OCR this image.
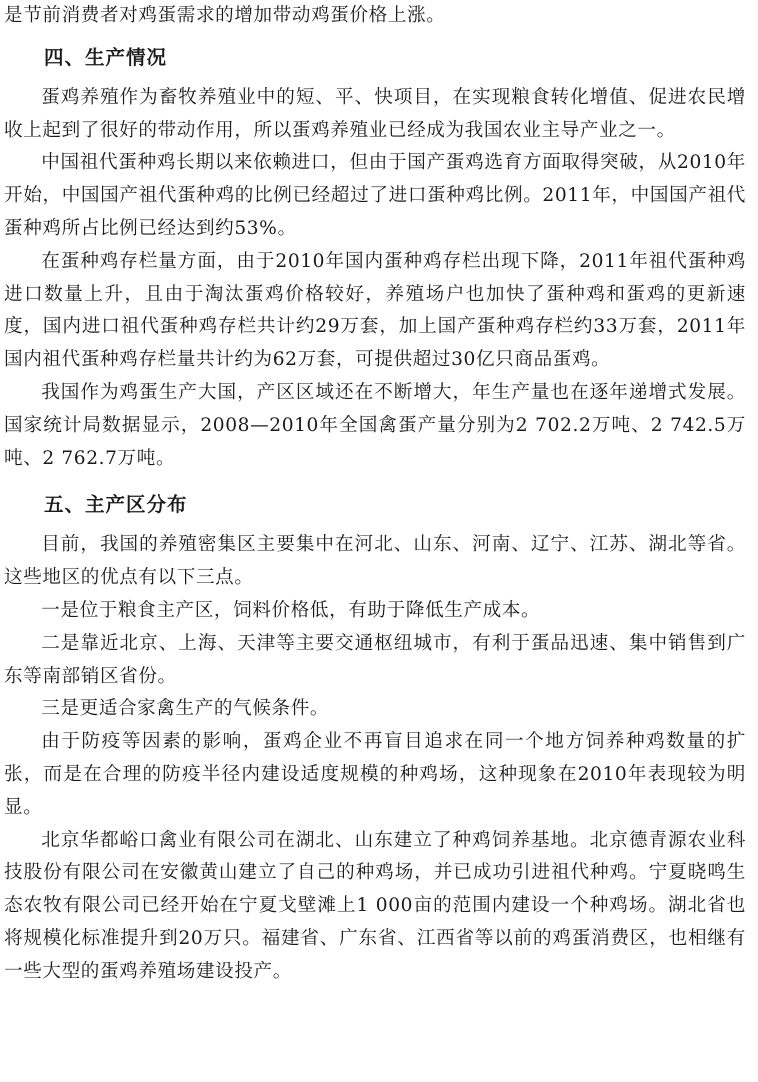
是节前消费者对鸡蛋需求的增加带动鸡蛋价格上涨。

四、生产情况

蛋鸡养殖作为畜牧养殖业中的短、平、快项目，在实现粮食转化增值、促进农民增收上起到了很好的带动作用，所以蛋鸡养殖业已经成为我国农业主导产业之一。

中国祖代蛋种鸡长期以来依赖进口，但由于国产蛋鸡选育方面取得突破，从2010年开始，中国国产祖代蛋种鸡的比例已经超过了进口蛋种鸡比例。2011年，中国国产祖代蛋种鸡所占比例已经达到约53%。

在蛋种鸡存栏量方面，由于2010年国内蛋种鸡存栏出现下降，2011年祖代蛋种鸡进口数量上升，且由于淘汰蛋鸡价格较好，养殖场户也加快了蛋种鸡和蛋鸡的更新速度，国内进口祖代蛋种鸡存栏共计约29万套，加上国产蛋种鸡存栏约33万套，2011年国内祖代蛋种鸡存栏量共计约为62万套，可提供超过30亿只商品蛋鸡。

我国作为鸡蛋生产大国，产区区域还在不断增大，年生产量也在逐年递增式发展。国家统计局数据显示，2008—2010年全国禽蛋产量分别为2 702.2万吨、2 742.5万吨、2 762.7万吨。

五、主产区分布

目前，我国的养殖密集区主要集中在河北、山东、河南、辽宁、江苏、湖北等省。这些地区的优点有以下三点。

一是位于粮食主产区，饲料价格低，有助于降低生产成本。

二是靠近北京、上海、天津等主要交通枢纽城市，有利于蛋品迅速、集中销售到广东等南部销区省份。

三是更适合家禽生产的气候条件。

由于防疫等因素的影响，蛋鸡企业不再盲目追求在同一个地方饲养种鸡数量的扩张，而是在合理的防疫半径内建设适度规模的种鸡场，这种现象在2010年表现较为明显。

北京华都峪口禽业有限公司在湖北、山东建立了种鸡饲养基地。北京德青源农业科技股份有限公司在安徽黄山建立了自己的种鸡场，并已成功引进祖代种鸡。宁夏晓鸣生态农牧有限公司已经开始在宁夏戈壁滩上1 000亩的范围内建设一个种鸡场。湖北省也将规模化标准提升到20万只。福建省、广东省、江西省等以前的鸡蛋消费区，也相继有一些大型的蛋鸡养殖场建设投产。
